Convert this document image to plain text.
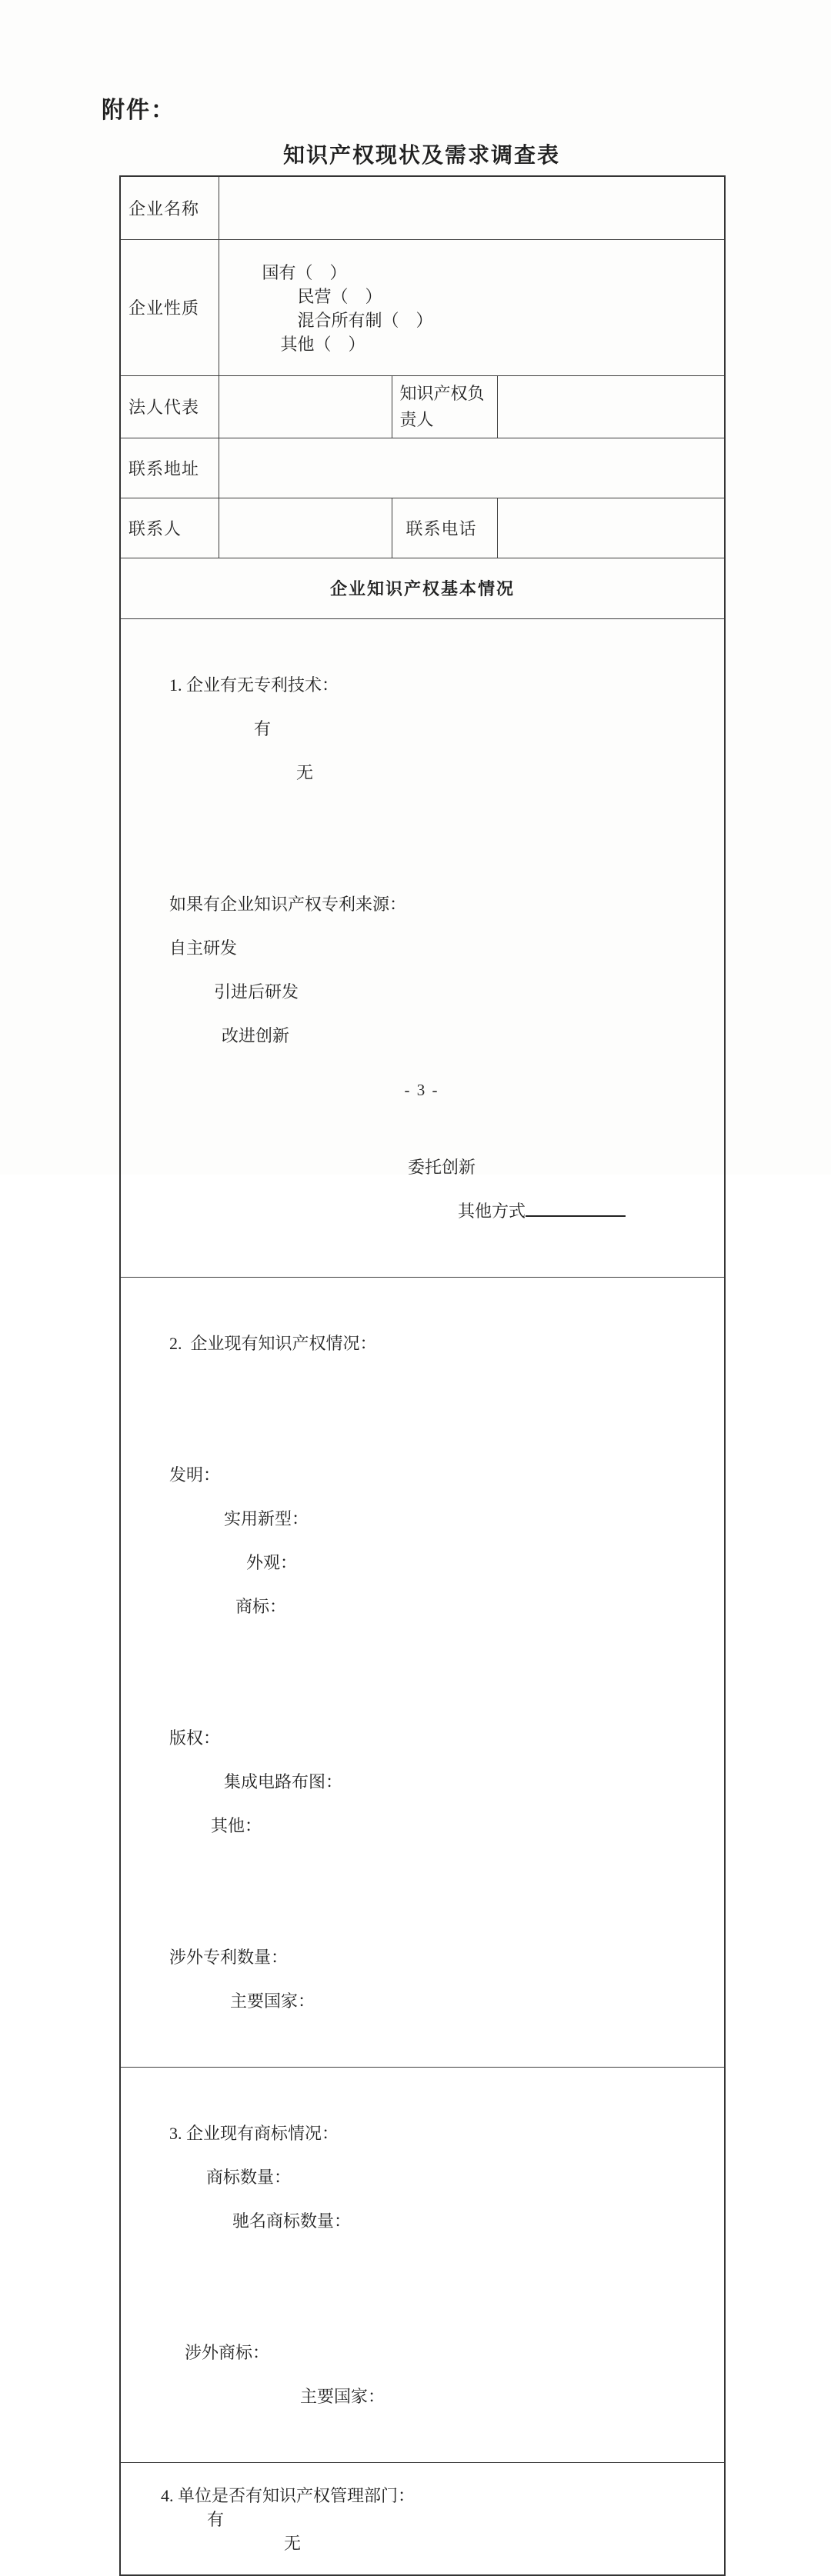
附件：
知识产权现状及需求调查表
企业名称			
企业性质	国有（　）
民营（　）
混合所有制（　）
其他（　）		

法人代表		知识产权负责人	
联系地址			
联系人		联系电话	
企业知识产权基本情况			

1. 企业有无专利技术：
有
无

如果有企业知识产权专利来源：
自主研发
引进后研发
改进创新

委托创新
其他方式

2.  企业现有知识产权情况：

发明：
实用新型：
外观：
商标：

版权：
集成电路布图：
其他：

涉外专利数量：
主要国家：

3. 企业现有商标情况：
商标数量：
驰名商标数量：

涉外商标：
主要国家：			

4. 单位是否有知识产权管理部门：
有
无			

- 3 -
